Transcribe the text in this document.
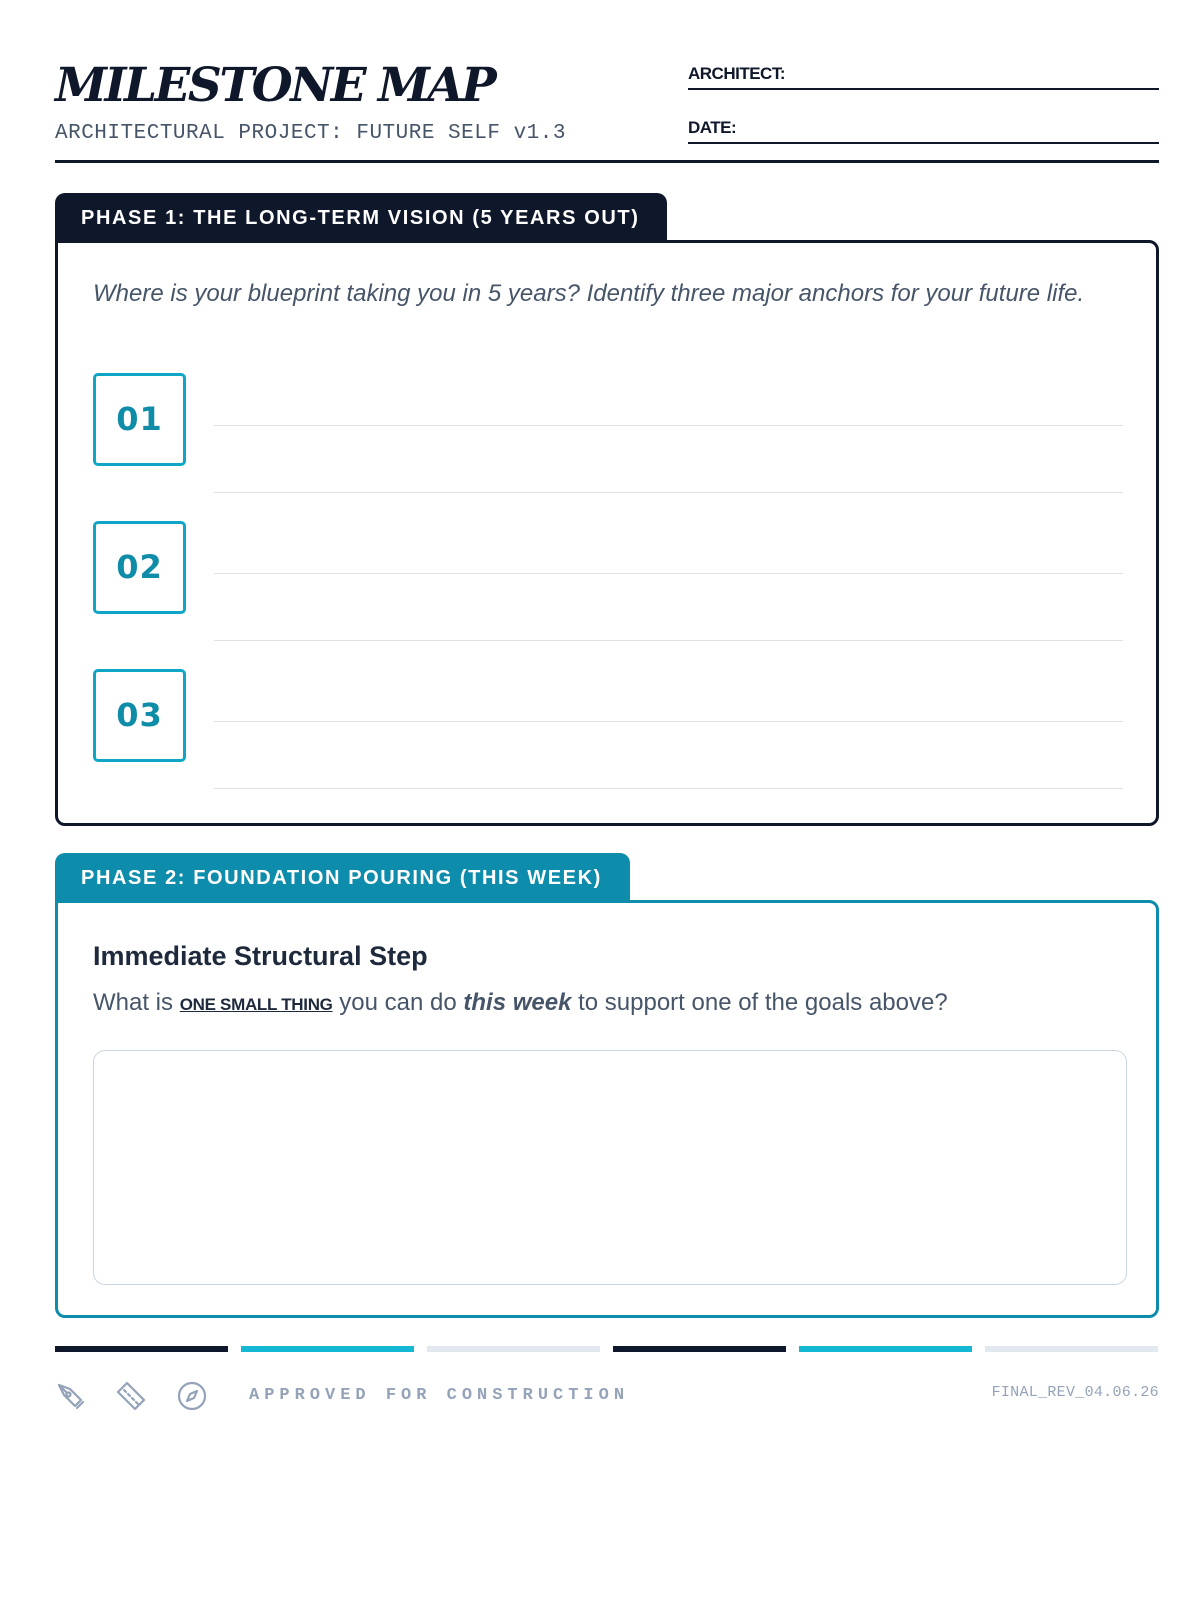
MILESTONE MAP
ARCHITECTURAL PROJECT: FUTURE SELF v1.3
ARCHITECT:
DATE:
PHASE 1: THE LONG-TERM VISION (5 YEARS OUT)
Where is your blueprint taking you in 5 years? Identify three major anchors for your future life.
01
02
03
PHASE 2: FOUNDATION POURING (THIS WEEK)
Immediate Structural Step
What is ONE SMALL THING you can do this week to support one of the goals above?
APPROVED FOR CONSTRUCTION	FINAL_REV_04.06.26
